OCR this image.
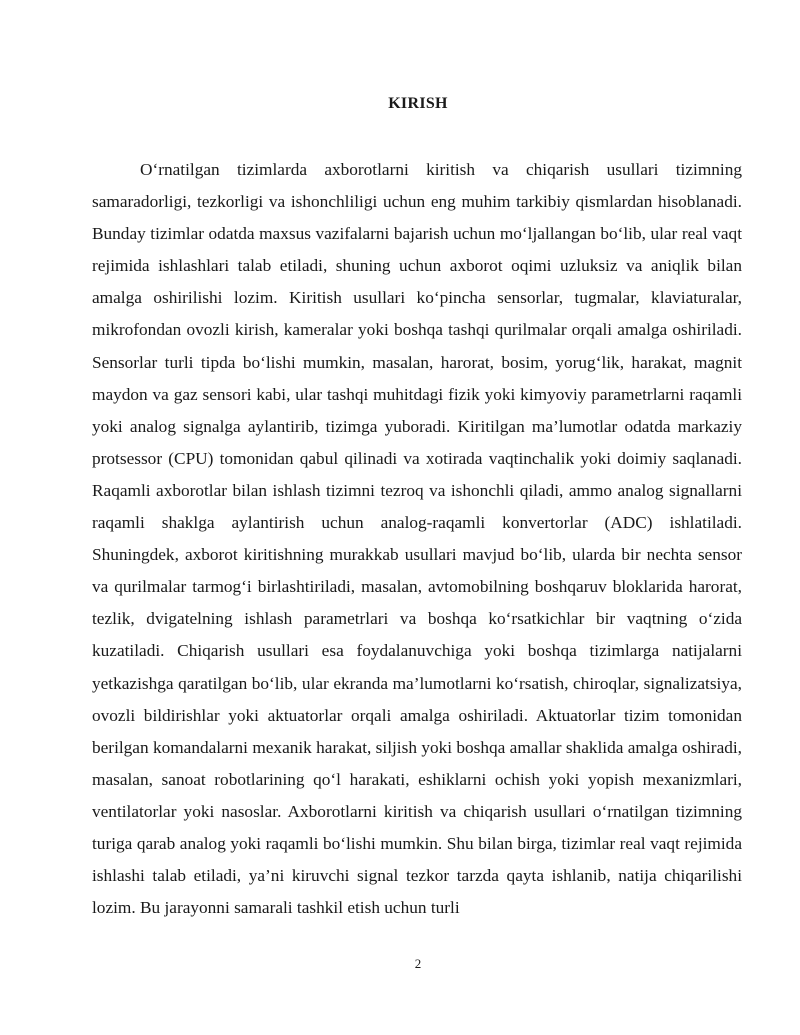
KIRISH

O‘rnatilgan tizimlarda axborotlarni kiritish va chiqarish usullari tizimning samaradorligi, tezkorligi va ishonchliligi uchun eng muhim tarkibiy qismlardan hisoblanadi. Bunday tizimlar odatda maxsus vazifalarni bajarish uchun mo‘ljallangan bo‘lib, ular real vaqt rejimida ishlashlari talab etiladi, shuning uchun axborot oqimi uzluksiz va aniqlik bilan amalga oshirilishi lozim. Kiritish usullari ko‘pincha sensorlar, tugmalar, klaviaturalar, mikrofondan ovozli kirish, kameralar yoki boshqa tashqi qurilmalar orqali amalga oshiriladi. Sensorlar turli tipda bo‘lishi mumkin, masalan, harorat, bosim, yorug‘lik, harakat, magnit maydon va gaz sensori kabi, ular tashqi muhitdagi fizik yoki kimyoviy parametrlarni raqamli yoki analog signalga aylantirib, tizimga yuboradi. Kiritilgan ma’lumotlar odatda markaziy protsessor (CPU) tomonidan qabul qilinadi va xotirada vaqtinchalik yoki doimiy saqlanadi. Raqamli axborotlar bilan ishlash tizimni tezroq va ishonchli qiladi, ammo analog signallarni raqamli shaklga aylantirish uchun analog-raqamli konvertorlar (ADC) ishlatiladi. Shuningdek, axborot kiritishning murakkab usullari mavjud bo‘lib, ularda bir nechta sensor va qurilmalar tarmog‘i birlashtiriladi, masalan, avtomobilning boshqaruv bloklarida harorat, tezlik, dvigatelning ishlash parametrlari va boshqa ko‘rsatkichlar bir vaqtning o‘zida kuzatiladi. Chiqarish usullari esa foydalanuvchiga yoki boshqa tizimlarga natijalarni yetkazishga qaratilgan bo‘lib, ular ekranda ma’lumotlarni ko‘rsatish, chiroqlar, signalizatsiya, ovozli bildirishlar yoki aktuatorlar orqali amalga oshiriladi. Aktuatorlar tizim tomonidan berilgan komandalarni mexanik harakat, siljish yoki boshqa amallar shaklida amalga oshiradi, masalan, sanoat robotlarining qo‘l harakati, eshiklarni ochish yoki yopish mexanizmlari, ventilatorlar yoki nasoslar. Axborotlarni kiritish va chiqarish usullari o‘rnatilgan tizimning turiga qarab analog yoki raqamli bo‘lishi mumkin. Shu bilan birga, tizimlar real vaqt rejimida ishlashi talab etiladi, ya’ni kiruvchi signal tezkor tarzda qayta ishlanib, natija chiqarilishi lozim. Bu jarayonni samarali tashkil etish uchun turli

2
